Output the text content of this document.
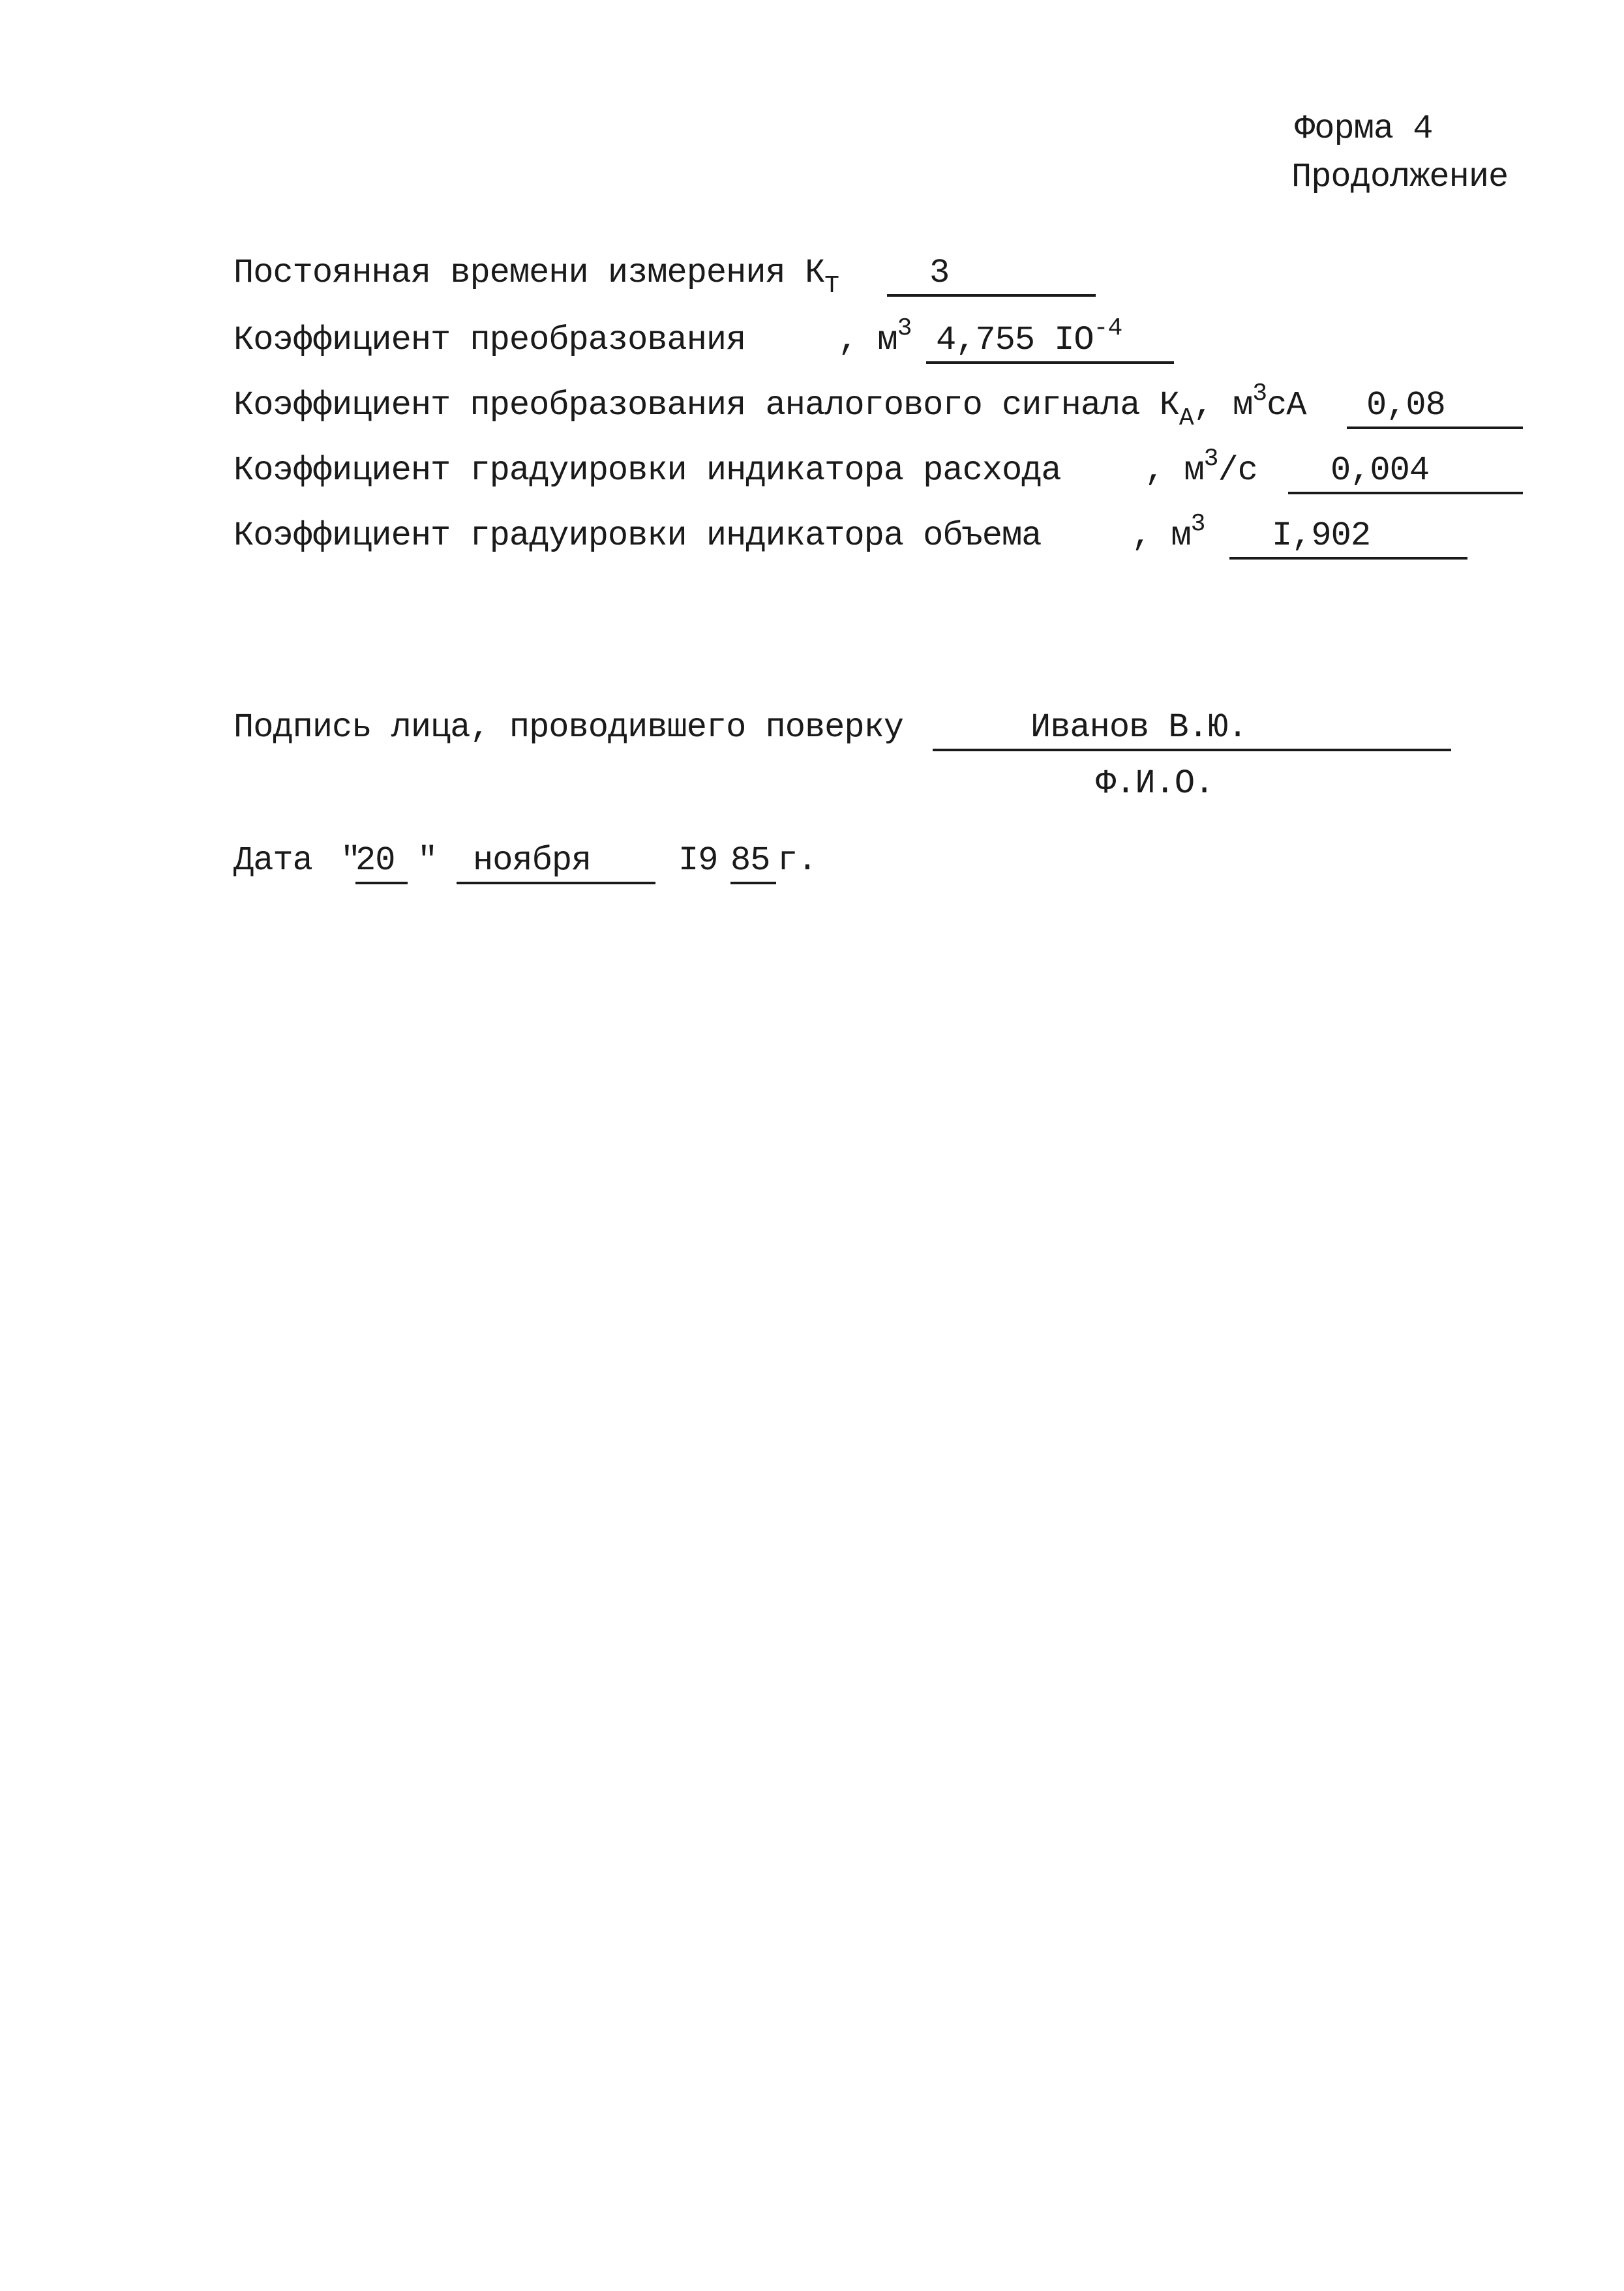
Форма 4
Продолжение
Постоянная времени измерения $К_Т$	3
Коэффициент преобразования	, $м^3$ 4,755 $IO^{-4}$
Коэффициент преобразования аналогового сигнала $К_А$, $м^3сА$ 0,08
Коэффициент градуировки индикатора расхода , $м^3/с$ 0,004
Коэффициент градуировки индикатора объема	, $м^3$ I,902
Подпись лица, проводившего поверку	Иванов В.Ю.
Ф.И.О.
Дата "
20 " ноября	I9 85 г.
